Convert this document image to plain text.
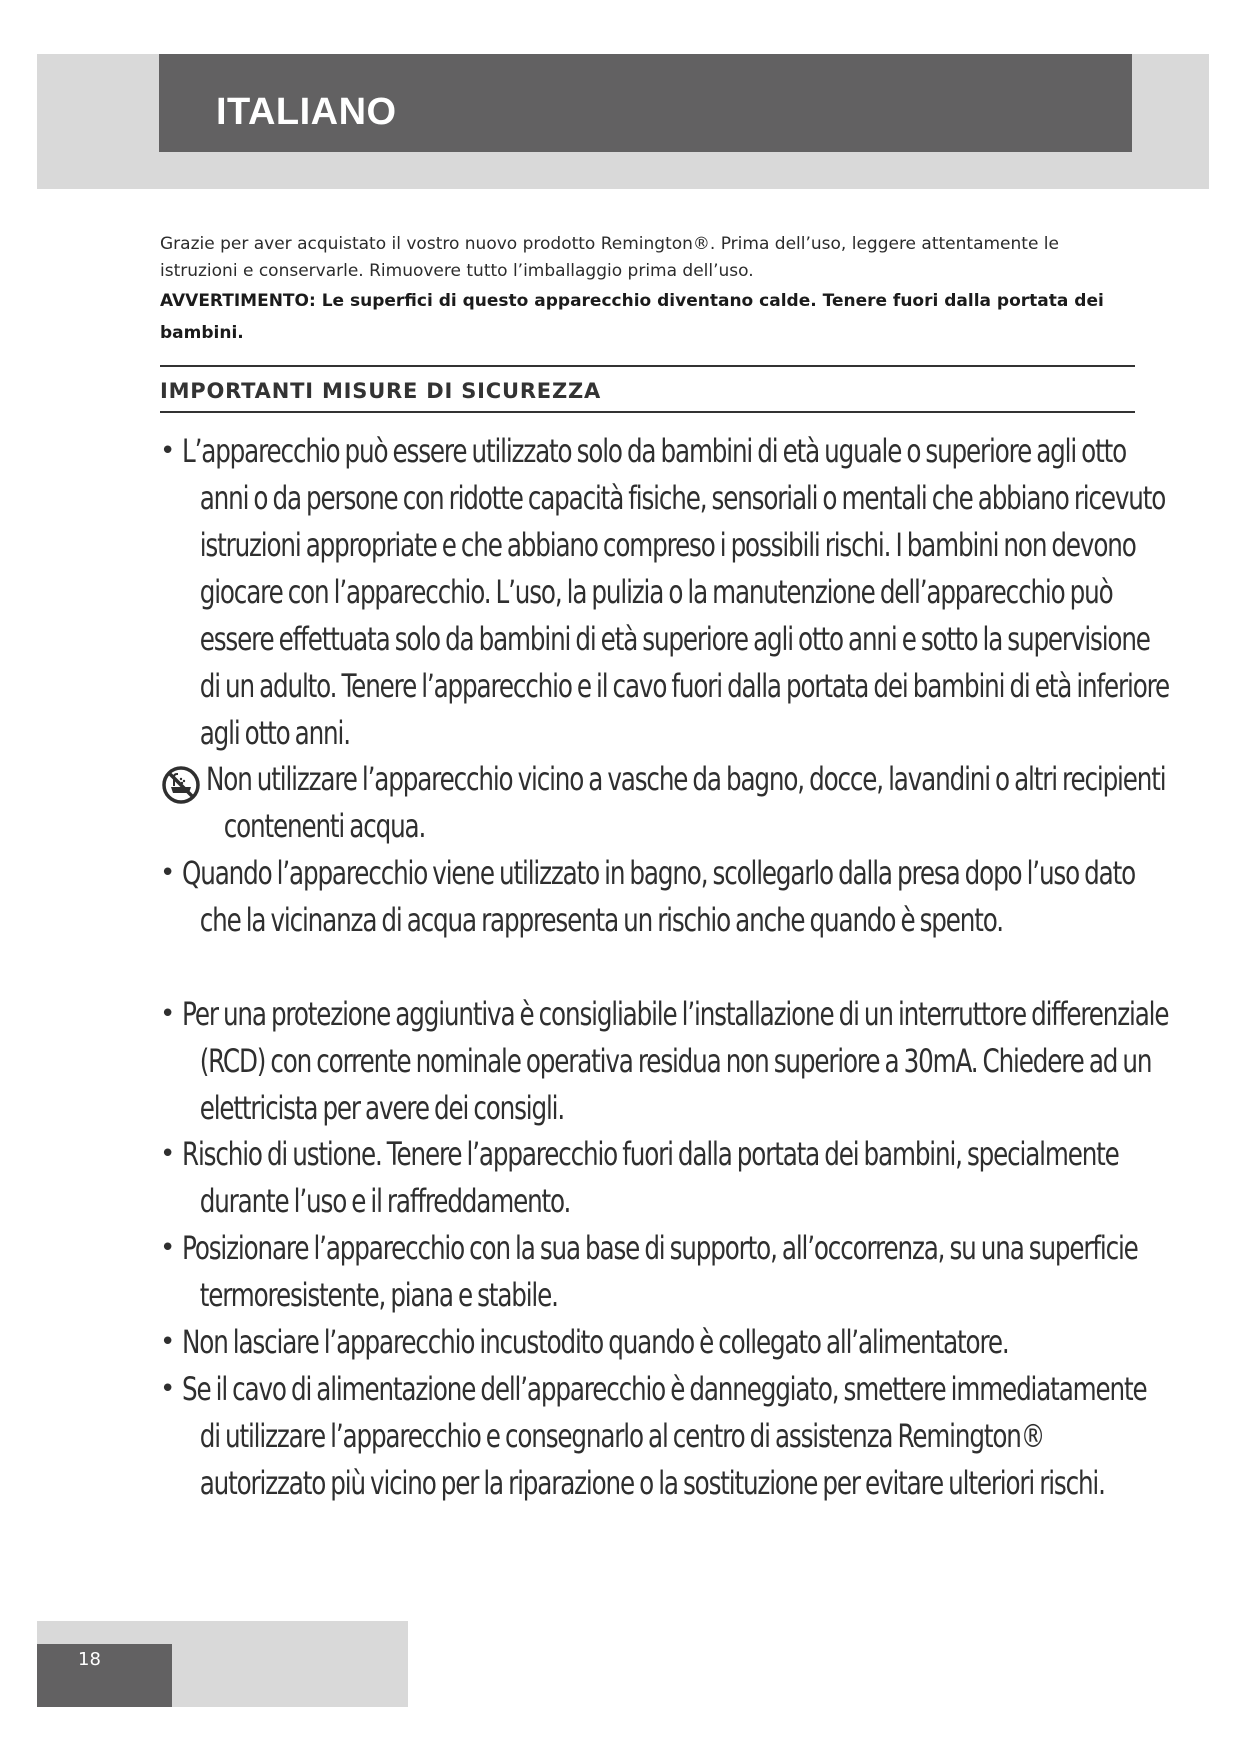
ITALIANO

Grazie per aver acquistato il vostro nuovo prodotto Remington®. Prima dell’uso, leggere attentamente le istruzioni e conservarle. Rimuovere tutto l’imballaggio prima dell’uso.

AVVERTIMENTO: Le superfici di questo apparecchio diventano calde. Tenere fuori dalla portata dei bambini.

IMPORTANTI MISURE DI SICUREZZA
• L’apparecchio può essere utilizzato solo da bambini di età uguale o superiore agli otto anni o da persone con ridotte capacità fisiche, sensoriali o mentali che abbiano ricevuto istruzioni appropriate e che abbiano compreso i possibili rischi. I bambini non devono giocare con l’apparecchio. L’uso, la pulizia o la manutenzione dell’apparecchio può essere effettuata solo da bambini di età superiore agli otto anni e sotto la supervisione di un adulto. Tenere l’apparecchio e il cavo fuori dalla portata dei bambini di età inferiore agli otto anni.
Non utilizzare l’apparecchio vicino a vasche da bagno, docce, lavandini o altri recipienti contenenti acqua.
• Quando l’apparecchio viene utilizzato in bagno, scollegarlo dalla presa dopo l’uso dato che la vicinanza di acqua rappresenta un rischio anche quando è spento.
• Per una protezione aggiuntiva è consigliabile l’installazione di un interruttore differenziale (RCD) con corrente nominale operativa residua non superiore a 30mA. Chiedere ad un elettricista per avere dei consigli.
• Rischio di ustione. Tenere l’apparecchio fuori dalla portata dei bambini, specialmente durante l’uso e il raffreddamento.
• Posizionare l’apparecchio con la sua base di supporto, all’occorrenza, su una superficie termoresistente, piana e stabile.
• Non lasciare l’apparecchio incustodito quando è collegato all’alimentatore.
• Se il cavo di alimentazione dell’apparecchio è danneggiato, smettere immediatamente di utilizzare l’apparecchio e consegnarlo al centro di assistenza Remington® autorizzato più vicino per la riparazione o la sostituzione per evitare ulteriori rischi.

18
